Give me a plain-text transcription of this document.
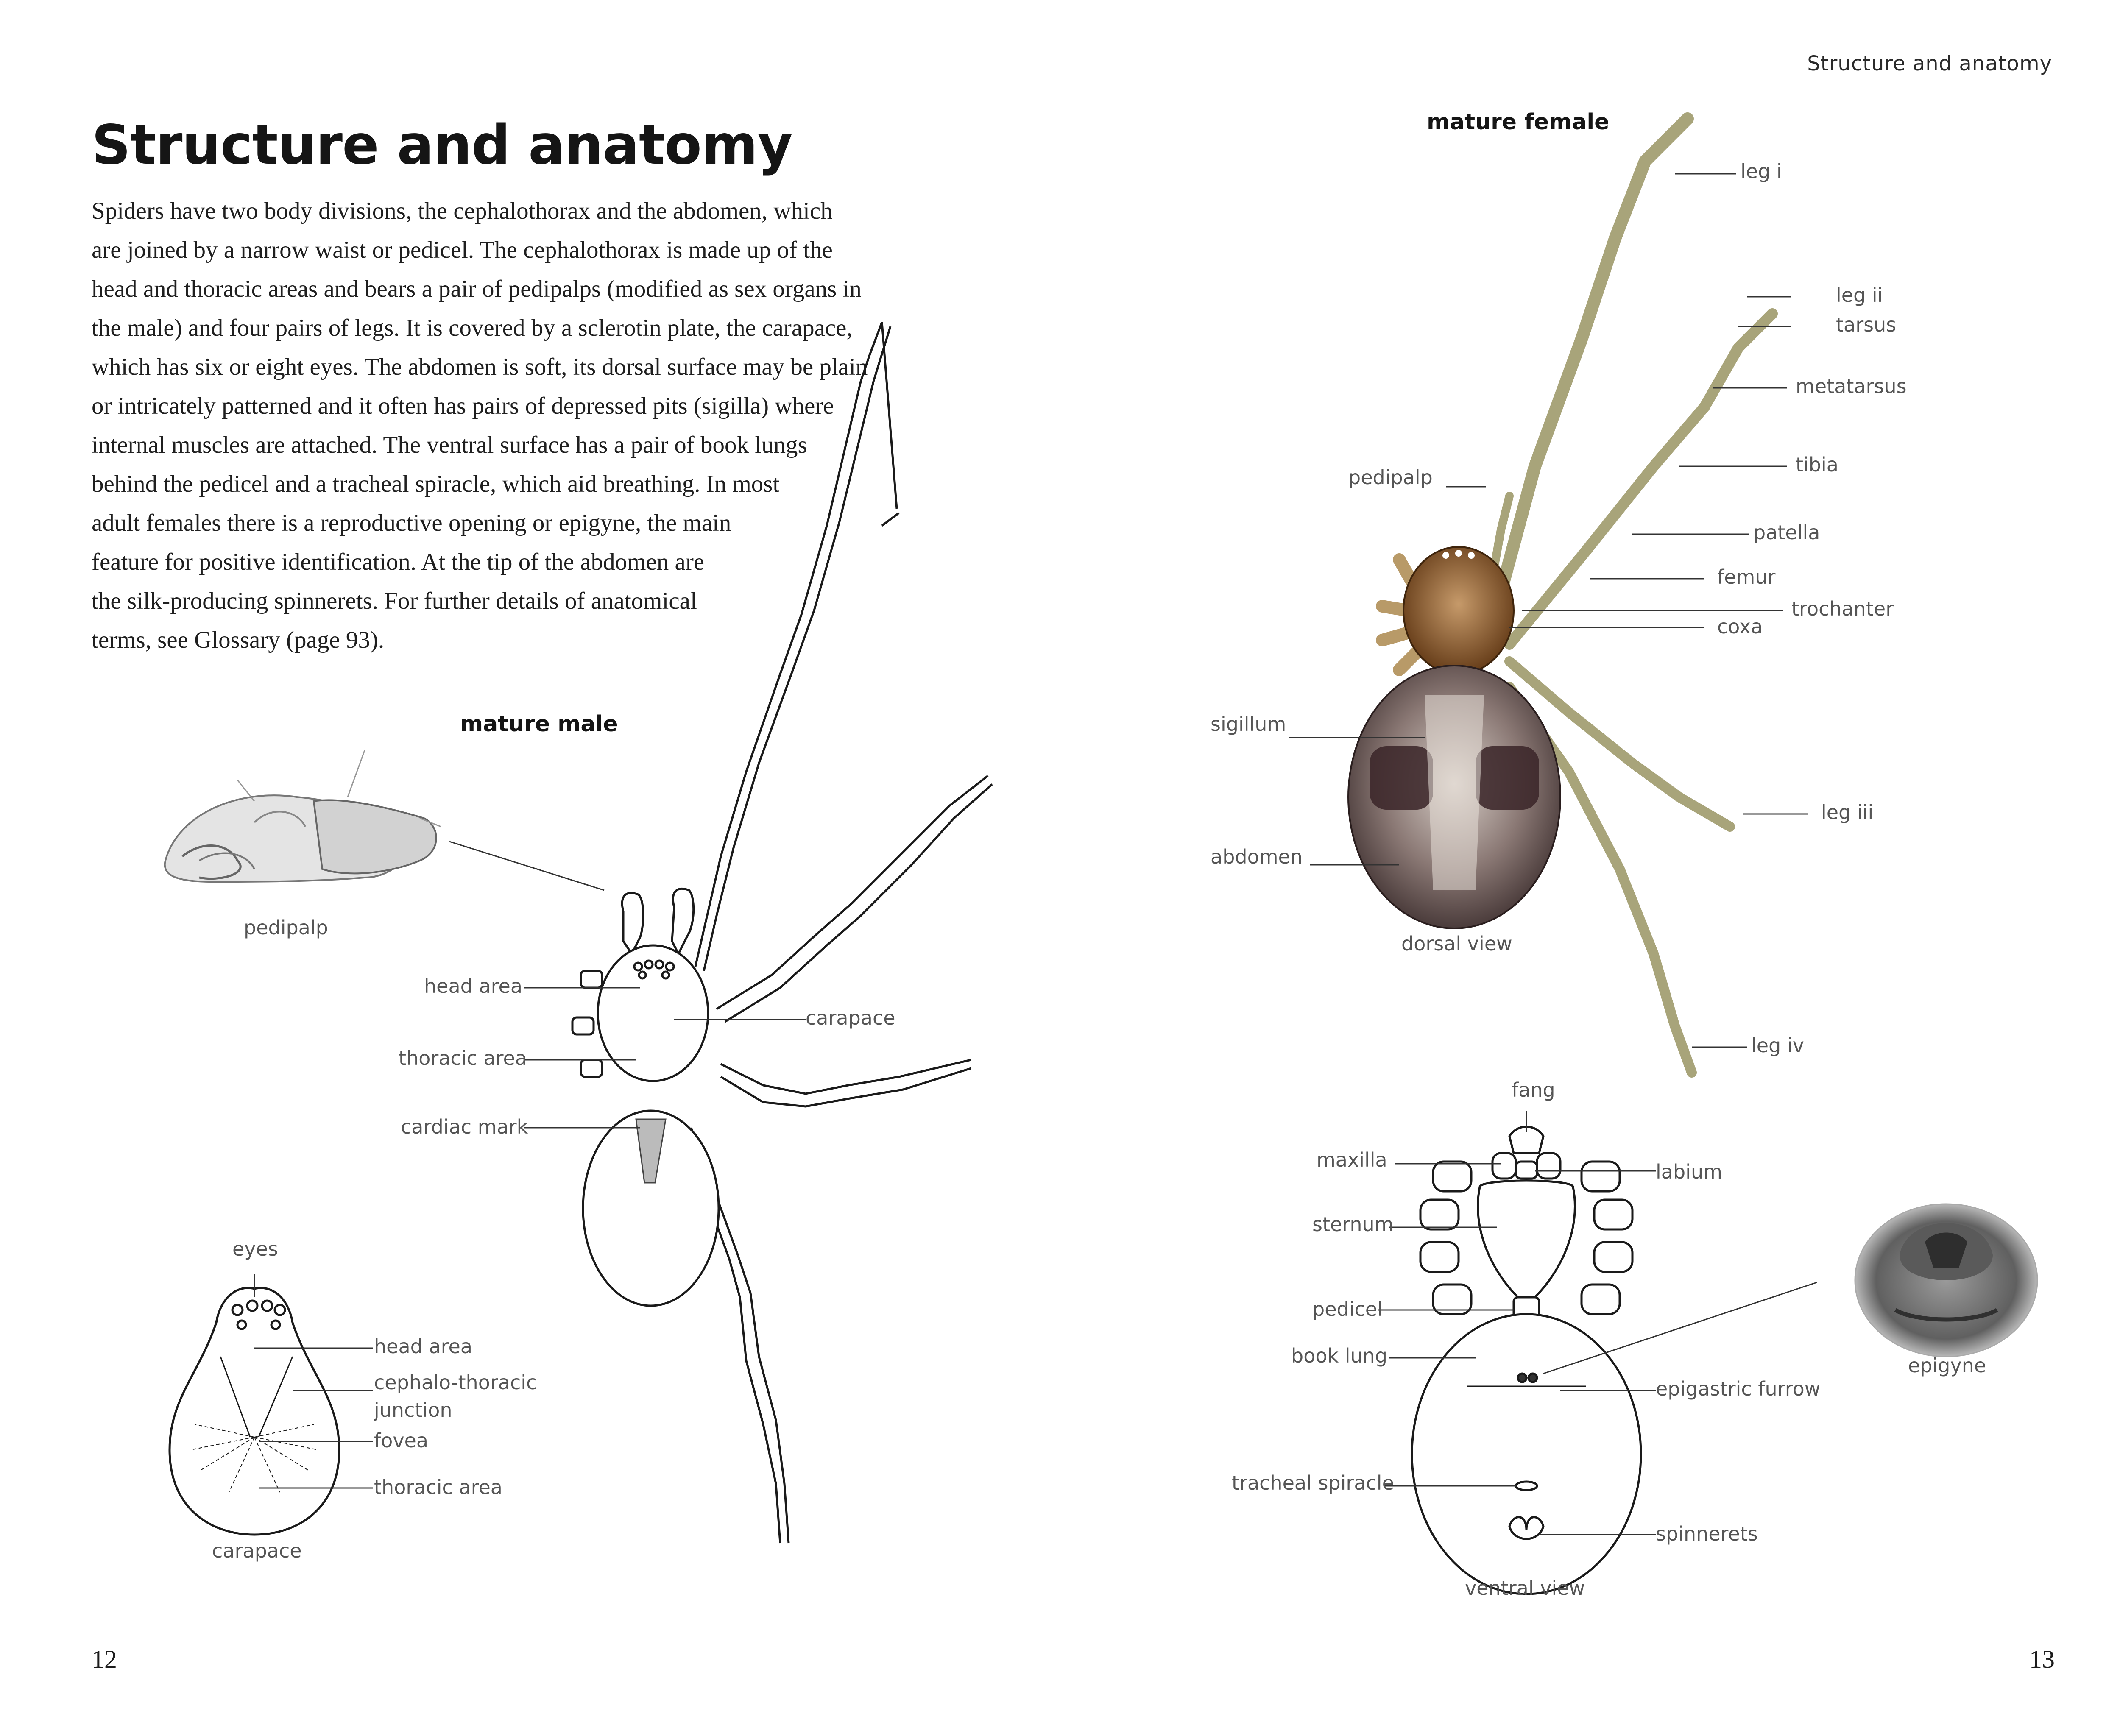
Structure and anatomy
Structure and anatomy
Spiders have two body divisions, the cephalothorax and the abdomen, which
are joined by a narrow waist or pedicel. The cephalothorax is made up of the
head and thoracic areas and bears a pair of pedipalps (modified as sex organs in
the male) and four pairs of legs. It is covered by a sclerotin plate, the carapace,
which has six or eight eyes. The abdomen is soft, its dorsal surface may be plain
or intricately patterned and it often has pairs of depressed pits (sigilla) where
internal muscles are attached. The ventral surface has a pair of book lungs
behind the pedicel and a tracheal spiracle, which aid breathing. In most
adult females there is a reproductive opening or epigyne, the main
feature for positive identification. At the tip of the abdomen are
the silk-producing spinnerets. For further details of anatomical
terms, see Glossary (page 93).
12	13
mature male
mature female
pedipalp
head area
carapace
thoracic area
cardiac mark
eyes
head area
cephalo-thoracic
junction
fovea
thoracic area
carapace
leg i
leg ii
tarsus
metatarsus
tibia
patella
femur
trochanter
coxa
pedipalp
sigillum
abdomen
leg iii
leg iv
dorsal view
fang
maxilla
labium
sternum
pedicel
book lung
epigastric furrow
tracheal spiracle
spinnerets
ventral view
epigyne
